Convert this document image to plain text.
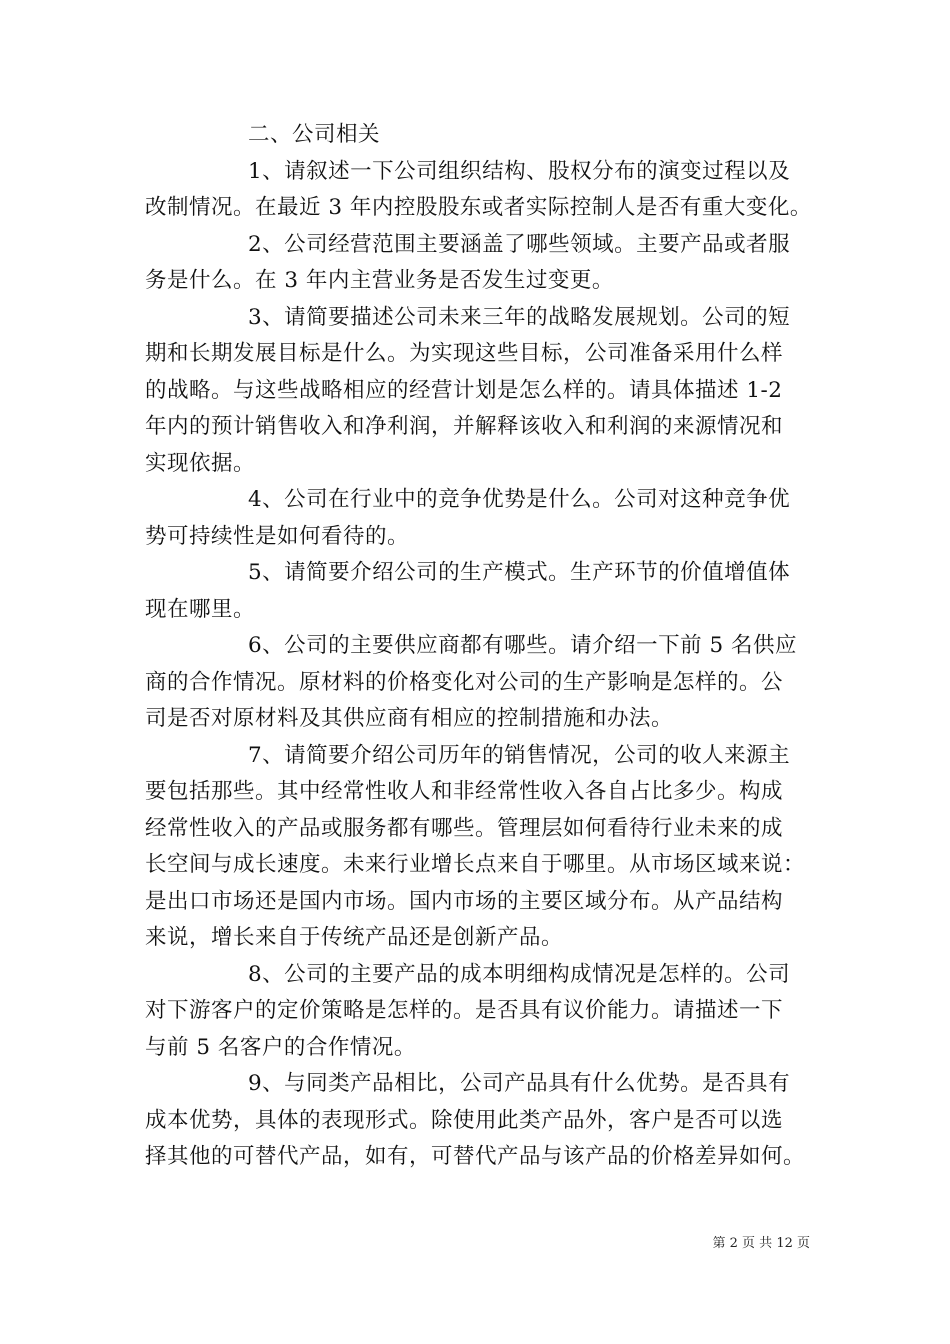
二、公司相关
1、请叙述一下公司组织结构、股权分布的演变过程以及
改制情况。在最近 3 年内控股股东或者实际控制人是否有重大变化。
2、公司经营范围主要涵盖了哪些领域。主要产品或者服
务是什么。在 3 年内主营业务是否发生过变更。
3、请简要描述公司未来三年的战略发展规划。公司的短
期和长期发展目标是什么。为实现这些目标，公司准备采用什么样
的战略。与这些战略相应的经营计划是怎么样的。请具体描述 1-2
年内的预计销售收入和净利润，并解释该收入和利润的来源情况和
实现依据。
4、公司在行业中的竞争优势是什么。公司对这种竞争优
势可持续性是如何看待的。
5、请简要介绍公司的生产模式。生产环节的价值增值体
现在哪里。
6、公司的主要供应商都有哪些。请介绍一下前 5 名供应
商的合作情况。原材料的价格变化对公司的生产影响是怎样的。公
司是否对原材料及其供应商有相应的控制措施和办法。
7、请简要介绍公司历年的销售情况，公司的收人来源主
要包括那些。其中经常性收人和非经常性收入各自占比多少。构成
经常性收入的产品或服务都有哪些。管理层如何看待行业未来的成
长空间与成长速度。未来行业增长点来自于哪里。从市场区域来说：
是出口市场还是国内市场。国内市场的主要区域分布。从产品结构
来说，增长来自于传统产品还是创新产品。
8、公司的主要产品的成本明细构成情况是怎样的。公司
对下游客户的定价策略是怎样的。是否具有议价能力。请描述一下
与前 5 名客户的合作情况。
9、与同类产品相比，公司产品具有什么优势。是否具有
成本优势，具体的表现形式。除使用此类产品外，客户是否可以选
择其他的可替代产品，如有，可替代产品与该产品的价格差异如何。
第 2 页 共 12 页
